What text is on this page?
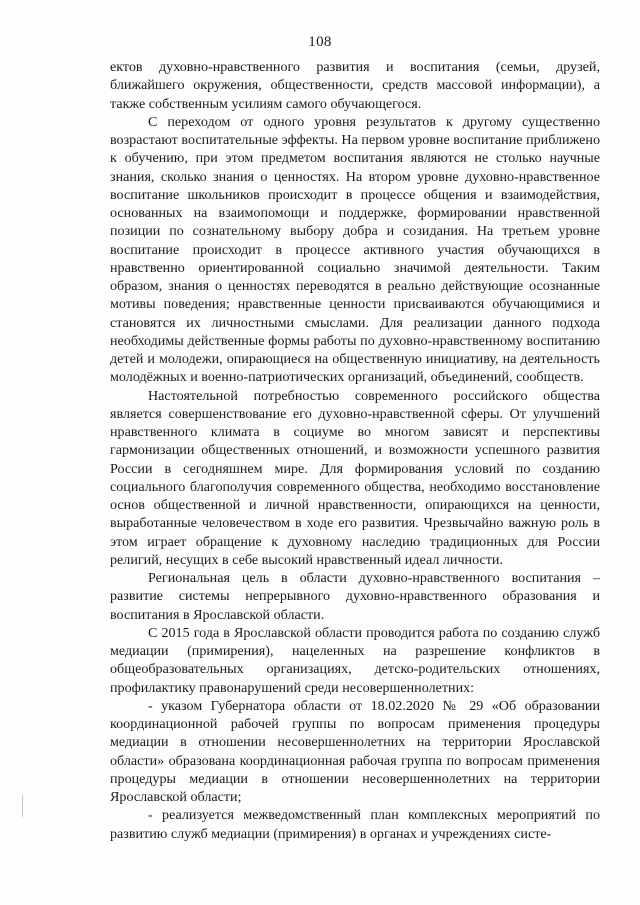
108

ектов духовно-нравственного развития и воспитания (семьи, друзей, ближайшего окружения, общественности, средств массовой информации), а также собственным усилиям самого обучающегося.

С переходом от одного уровня результатов к другому существенно возрастают воспитательные эффекты. На первом уровне воспитание приближено к обучению, при этом предметом воспитания являются не столько научные знания, сколько знания о ценностях. На втором уровне духовно-нравственное воспитание школьников происходит в процессе общения и взаимодействия, основанных на взаимопомощи и поддержке, формировании нравственной позиции по сознательному выбору добра и созидания. На третьем уровне воспитание происходит в процессе активного участия обучающихся в нравственно ориентированной социально значимой деятельности. Таким образом, знания о ценностях переводятся в реально действующие осознанные мотивы поведения; нравственные ценности присваиваются обучающимися и становятся их личностными смыслами. Для реализации данного подхода необходимы действенные формы работы по духовно-нравственному воспитанию детей и молодежи, опирающиеся на общественную инициативу, на деятельность молодёжных и военно-патриотических организаций, объединений, сообществ.

Настоятельной потребностью современного российского общества является совершенствование его духовно-нравственной сферы. От улучшений нравственного климата в социуме во многом зависят и перспективы гармонизации общественных отношений, и возможности успешного развития России в сегодняшнем мире. Для формирования условий по созданию социального благополучия современного общества, необходимо восстановление основ общественной и личной нравственности, опирающихся на ценности, выработанные человечеством в ходе его развития. Чрезвычайно важную роль в этом играет обращение к духовному наследию традиционных для России религий, несущих в себе высокий нравственный идеал личности.

Региональная цель в области духовно-нравственного воспитания – развитие системы непрерывного духовно-нравственного образования и воспитания в Ярославской области.

С 2015 года в Ярославской области проводится работа по созданию служб медиации (примирения), нацеленных на разрешение конфликтов в общеобразовательных организациях, детско-родительских отношениях, профилактику правонарушений среди несовершеннолетних:

- указом Губернатора области от 18.02.2020 № 29 «Об образовании координационной рабочей группы по вопросам применения процедуры медиации в отношении несовершеннолетних на территории Ярославской области» образована координационная рабочая группа по вопросам применения процедуры медиации в отношении несовершеннолетних на территории Ярославской области;

- реализуется межведомственный план комплексных мероприятий по развитию служб медиации (примирения) в органах и учреждениях систе-
